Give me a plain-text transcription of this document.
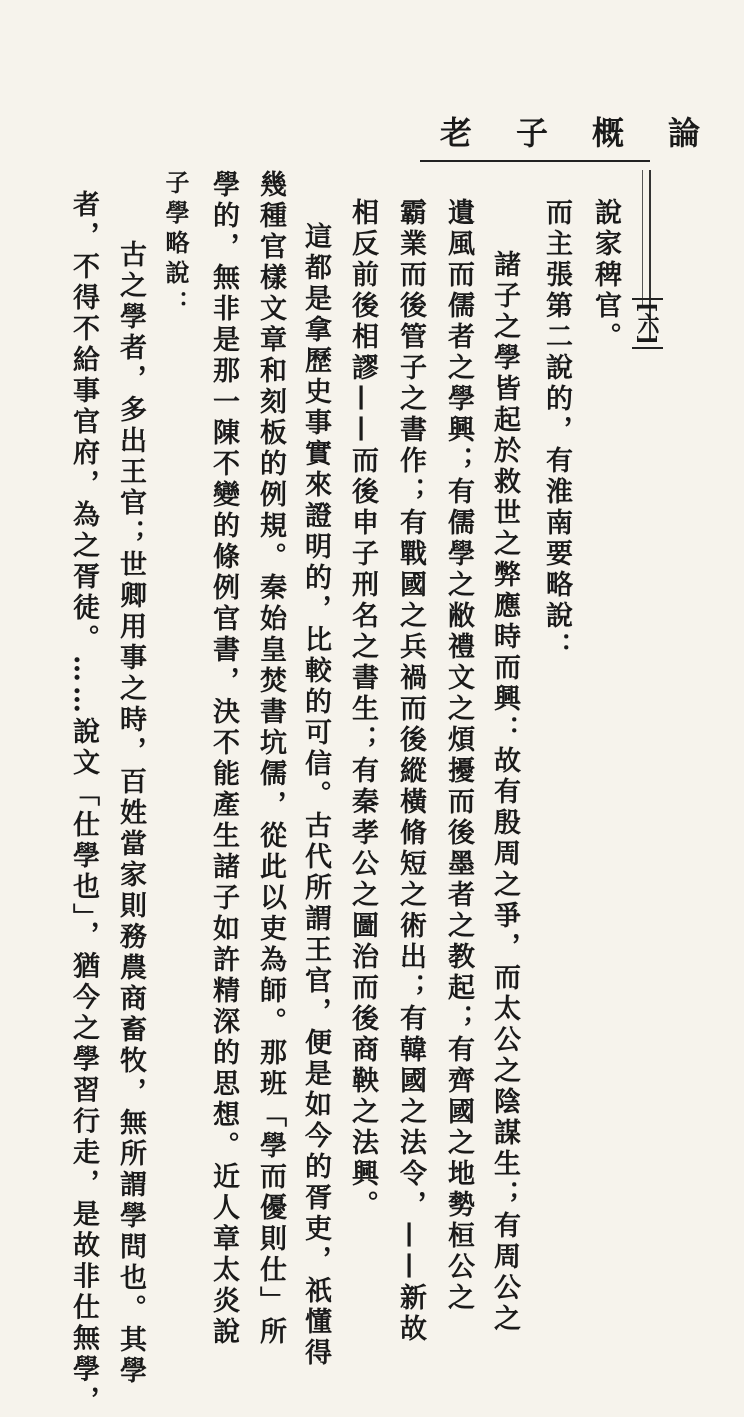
老子概論
[六]
說家稗官。
而主張第二說的，有淮南要略說：
諸子之學皆起於救世之弊應時而興：故有殷周之爭，而太公之陰謀生；有周公之
遺風而儒者之學興；有儒學之敝禮文之煩擾而後墨者之教起；有齊國之地勢桓公之
霸業而後管子之書作；有戰國之兵禍而後縱橫脩短之術出；有韓國之法令，——新故
相反前後相謬——而後申子刑名之書生；有秦孝公之圖治而後商鞅之法興。
這都是拿歷史事實來證明的，比較的可信。古代所謂王官，便是如今的胥吏，祇懂得
幾種官樣文章和刻板的例規。秦始皇焚書坑儒，從此以吏為師。那班「學而優則仕」所
學的，無非是那一陳不變的條例官書，決不能產生諸子如許精深的思想。近人章太炎說
子學略說：
古之學者，多出王官；世卿用事之時，百姓當家則務農商畜牧，無所謂學問也。其學
者，不得不給事官府，為之胥徒。……說文「仕學也」，猶今之學習行走，是故非仕無學，
